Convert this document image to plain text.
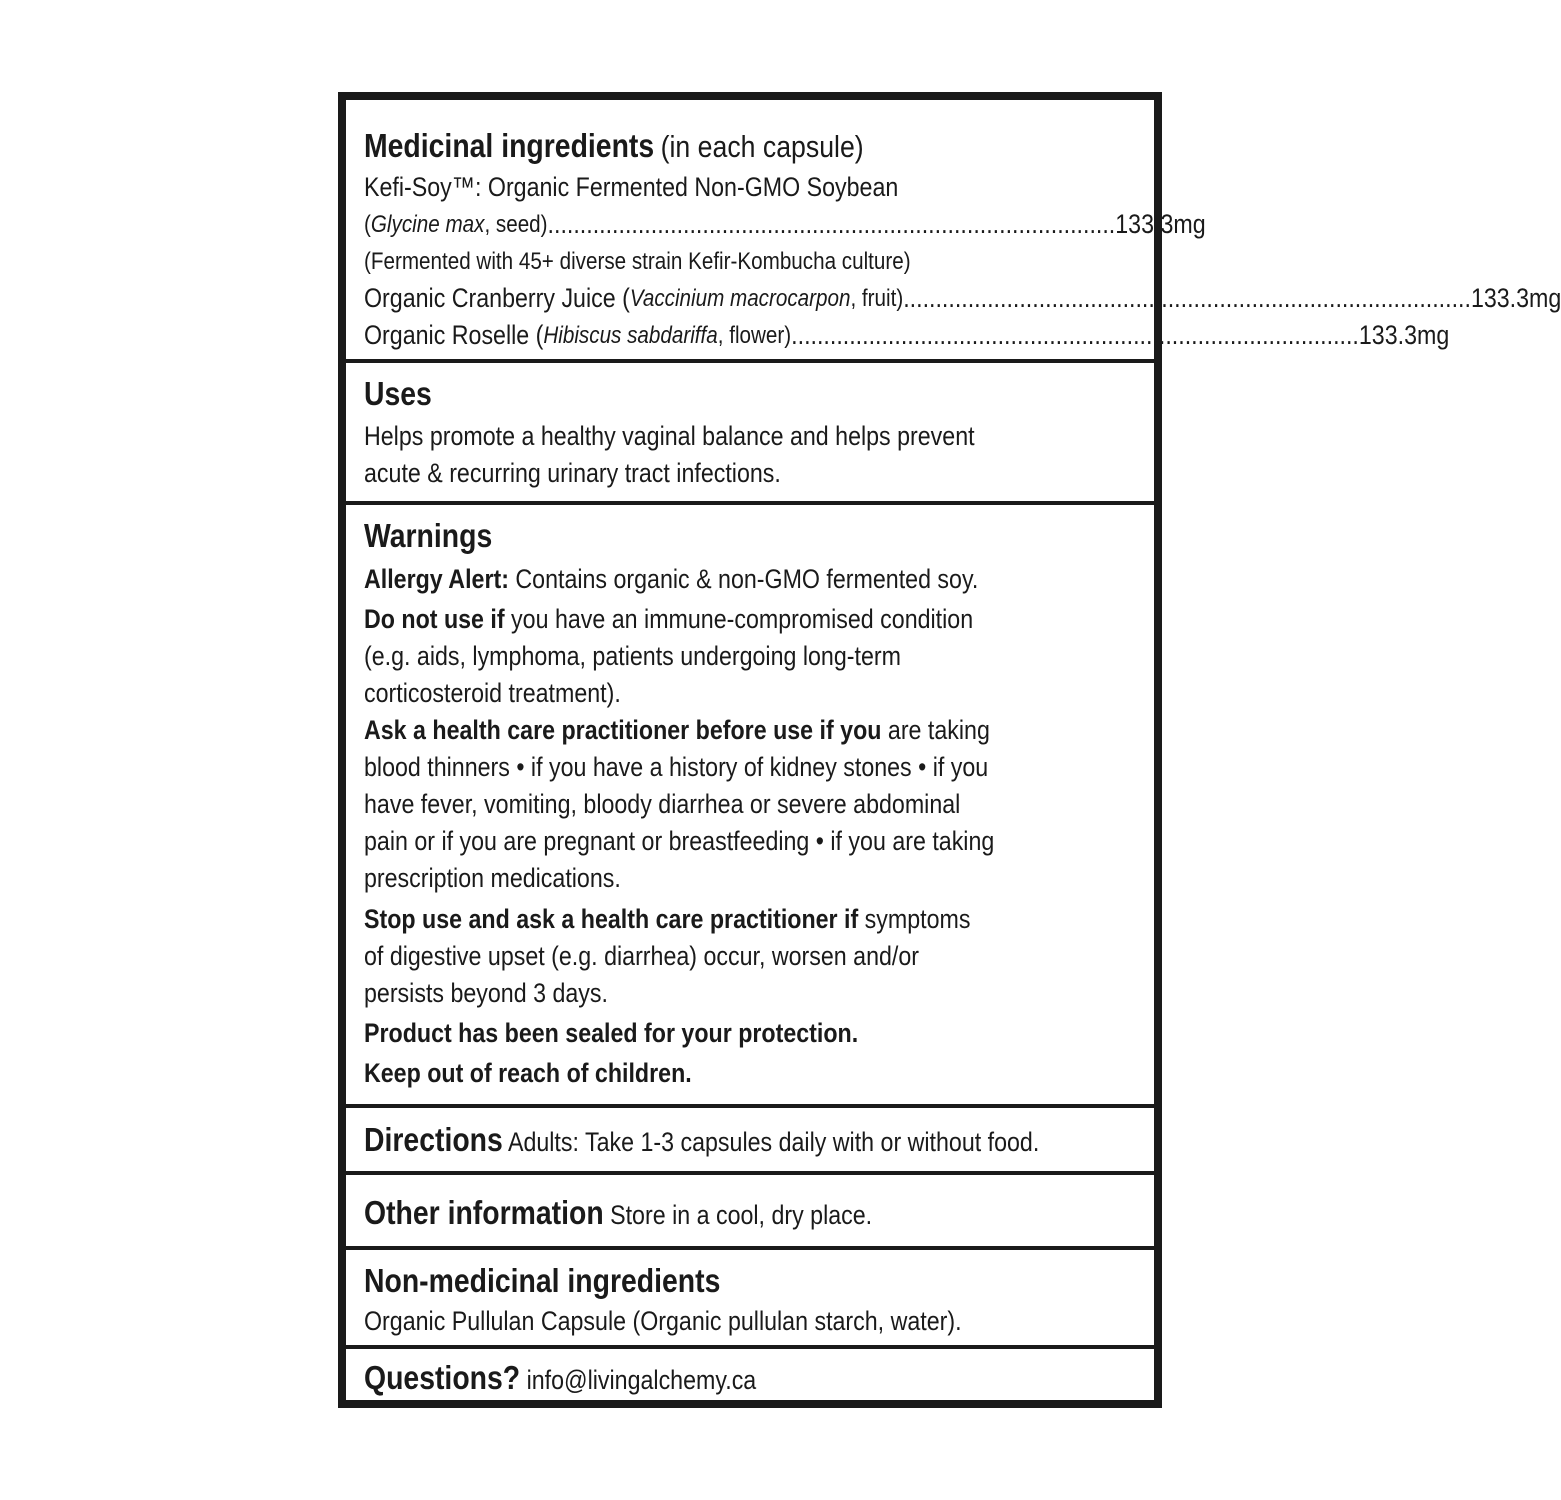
Medicinal ingredients (in each capsule)
Kefi-Soy™: Organic Fermented Non-GMO Soybean
( Glycine max , seed) ........................................................................................ 133.3mg
(Fermented with 45+ diverse strain Kefir-Kombucha culture)
Organic Cranberry Juice ( Vaccinium macrocarpon , fruit) ........................................................................................ 133.3mg
Organic Roselle ( Hibiscus sabdariffa , flower) ........................................................................................ 133.3mg
Uses
Helps promote a healthy vaginal balance and helps prevent
acute & recurring urinary tract infections.
Warnings
Allergy Alert: Contains organic & non-GMO fermented soy.
Do not use if you have an immune-compromised condition
(e.g. aids, lymphoma, patients undergoing long-term
corticosteroid treatment).
Ask a health care practitioner before use if you are taking
blood thinners • if you have a history of kidney stones • if you
have fever, vomiting, bloody diarrhea or severe abdominal
pain or if you are pregnant or breastfeeding • if you are taking
prescription medications.
Stop use and ask a health care practitioner if symptoms
of digestive upset (e.g. diarrhea) occur, worsen and/or
persists beyond 3 days.
Product has been sealed for your protection.
Keep out of reach of children.
Directions Adults: Take 1-3 capsules daily with or without food.
Other information Store in a cool, dry place.
Non-medicinal ingredients
Organic Pullulan Capsule (Organic pullulan starch, water).
Questions? info@livingalchemy.ca
